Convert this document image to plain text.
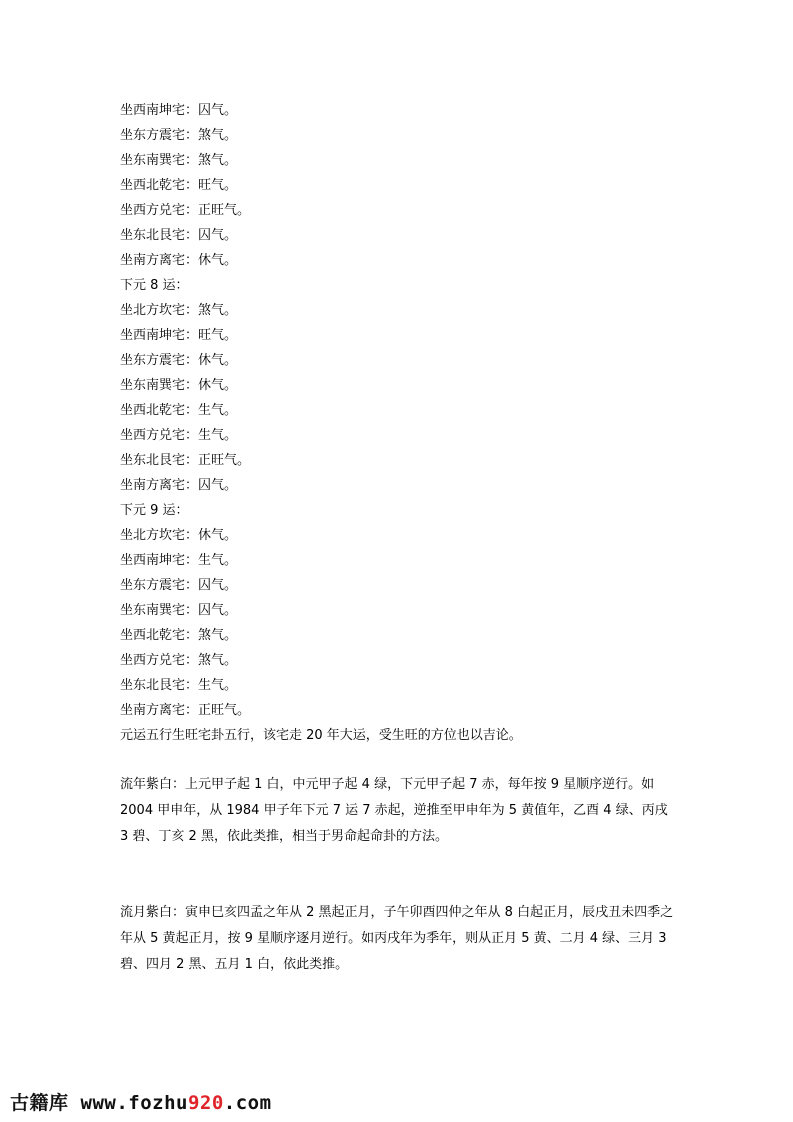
坐西南坤宅：囚气。
坐东方震宅：煞气。
坐东南巽宅：煞气。
坐西北乾宅：旺气。
坐西方兑宅：正旺气。
坐东北艮宅：囚气。
坐南方离宅：休气。
下元 8 运：
坐北方坎宅：煞气。
坐西南坤宅：旺气。
坐东方震宅：休气。
坐东南巽宅：休气。
坐西北乾宅：生气。
坐西方兑宅：生气。
坐东北艮宅：正旺气。
坐南方离宅：囚气。
下元 9 运：
坐北方坎宅：休气。
坐西南坤宅：生气。
坐东方震宅：囚气。
坐东南巽宅：囚气。
坐西北乾宅：煞气。
坐西方兑宅：煞气。
坐东北艮宅：生气。
坐南方离宅：正旺气。
元运五行生旺宅卦五行，该宅走 20 年大运，受生旺的方位也以吉论。
流年紫白：上元甲子起 1 白，中元甲子起 4 绿，下元甲子起 7 赤，每年按 9 星顺序逆行。如 2004 甲申年，从 1984 甲子年下元 7 运 7 赤起，逆推至甲申年为 5 黄值年，乙酉 4 绿、丙戌 3 碧、丁亥 2 黑，依此类推，相当于男命起命卦的方法。
流月紫白：寅申巳亥四孟之年从 2 黑起正月，子午卯酉四仲之年从 8 白起正月，辰戌丑未四季之年从 5 黄起正月，按 9 星顺序逐月逆行。如丙戌年为季年，则从正月 5 黄、二月 4 绿、三月 3 碧、四月 2 黑、五月 1 白，依此类推。
古籍库 www.fozhu920.com
